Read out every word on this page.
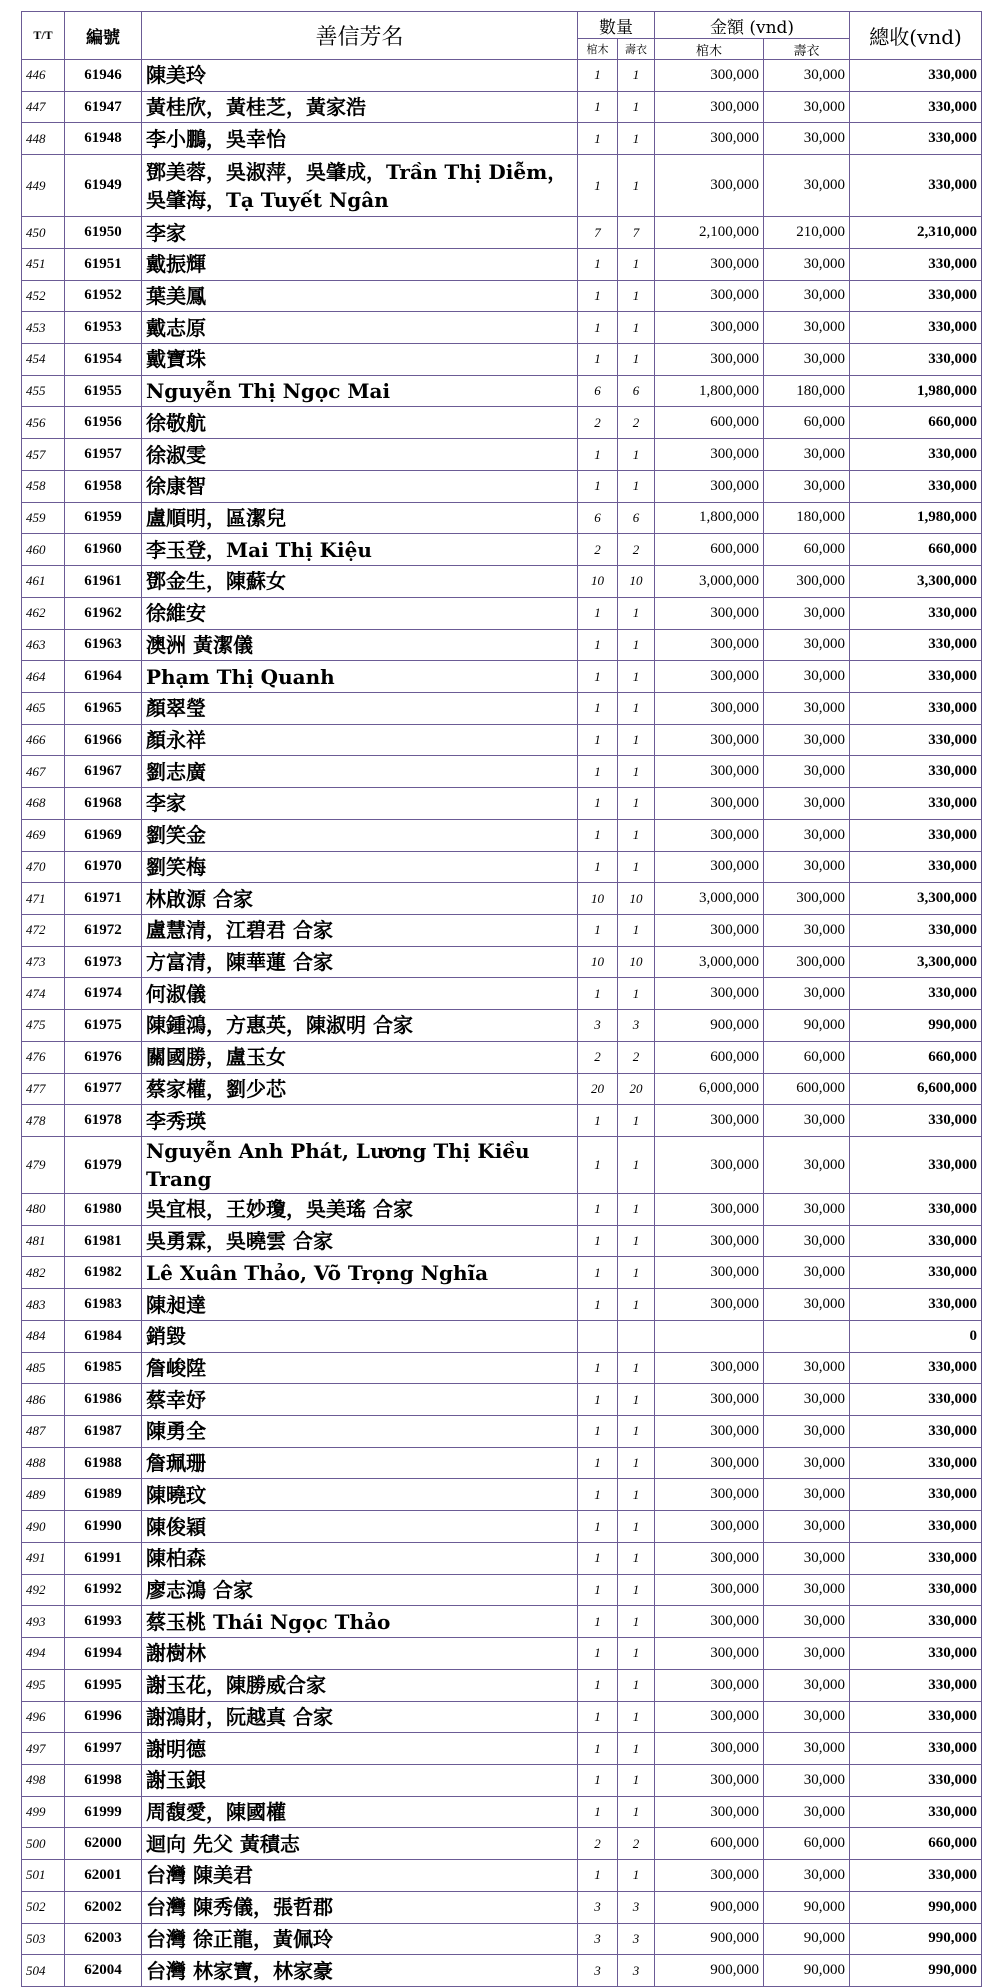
T/T	編號	善信芳名	數量		金額 (vnd)		總收(vnd)
			棺木	壽衣	棺木	壽衣	
446	61946	陳美玲	1	1	300,000	30,000	330,000
447	61947	黃桂欣，黃桂芝，黃家浩	1	1	300,000	30,000	330,000
448	61948	李小鵬，吳幸怡	1	1	300,000	30,000	330,000
449	61949	鄧美蓉，吳淑萍，吳肇成，Trần Thị Diễm，吳肇海，Tạ Tuyết Ngân	1	1	300,000	30,000	330,000
450	61950	李家	7	7	2,100,000	210,000	2,310,000
451	61951	戴振輝	1	1	300,000	30,000	330,000
452	61952	葉美鳳	1	1	300,000	30,000	330,000
453	61953	戴志原	1	1	300,000	30,000	330,000
454	61954	戴寶珠	1	1	300,000	30,000	330,000
455	61955	Nguyễn Thị Ngọc Mai	6	6	1,800,000	180,000	1,980,000
456	61956	徐敬航	2	2	600,000	60,000	660,000
457	61957	徐淑雯	1	1	300,000	30,000	330,000
458	61958	徐康智	1	1	300,000	30,000	330,000
459	61959	盧順明，區潔兒	6	6	1,800,000	180,000	1,980,000
460	61960	李玉登，Mai Thị Kiệu	2	2	600,000	60,000	660,000
461	61961	鄧金生，陳蘇女	10	10	3,000,000	300,000	3,300,000
462	61962	徐維安	1	1	300,000	30,000	330,000
463	61963	澳洲 黃潔儀	1	1	300,000	30,000	330,000
464	61964	Phạm Thị Quanh	1	1	300,000	30,000	330,000
465	61965	顏翠瑩	1	1	300,000	30,000	330,000
466	61966	顏永祥	1	1	300,000	30,000	330,000
467	61967	劉志廣	1	1	300,000	30,000	330,000
468	61968	李家	1	1	300,000	30,000	330,000
469	61969	劉笑金	1	1	300,000	30,000	330,000
470	61970	劉笑梅	1	1	300,000	30,000	330,000
471	61971	林啟源 合家	10	10	3,000,000	300,000	3,300,000
472	61972	盧慧清，江碧君 合家	1	1	300,000	30,000	330,000
473	61973	方富清，陳華蓮 合家	10	10	3,000,000	300,000	3,300,000
474	61974	何淑儀	1	1	300,000	30,000	330,000
475	61975	陳鍾鴻，方惠英，陳淑明 合家	3	3	900,000	90,000	990,000
476	61976	關國勝，盧玉女	2	2	600,000	60,000	660,000
477	61977	蔡家權，劉少芯	20	20	6,000,000	600,000	6,600,000
478	61978	李秀瑛	1	1	300,000	30,000	330,000
479	61979	Nguyễn Anh Phát, Lương Thị Kiều Trang	1	1	300,000	30,000	330,000
480	61980	吳宜根，王妙瓊，吳美瑤 合家	1	1	300,000	30,000	330,000
481	61981	吳勇霖，吳曉雲 合家	1	1	300,000	30,000	330,000
482	61982	Lê Xuân Thảo, Võ Trọng Nghĩa	1	1	300,000	30,000	330,000
483	61983	陳昶達	1	1	300,000	30,000	330,000
484	61984	銷毀					0
485	61985	詹峻陞	1	1	300,000	30,000	330,000
486	61986	蔡幸妤	1	1	300,000	30,000	330,000
487	61987	陳勇全	1	1	300,000	30,000	330,000
488	61988	詹珮珊	1	1	300,000	30,000	330,000
489	61989	陳曉玟	1	1	300,000	30,000	330,000
490	61990	陳俊穎	1	1	300,000	30,000	330,000
491	61991	陳柏森	1	1	300,000	30,000	330,000
492	61992	廖志鴻 合家	1	1	300,000	30,000	330,000
493	61993	蔡玉桃 Thái Ngọc Thảo	1	1	300,000	30,000	330,000
494	61994	謝樹林	1	1	300,000	30,000	330,000
495	61995	謝玉花，陳勝威合家	1	1	300,000	30,000	330,000
496	61996	謝鴻財，阮越真 合家	1	1	300,000	30,000	330,000
497	61997	謝明德	1	1	300,000	30,000	330,000
498	61998	謝玉銀	1	1	300,000	30,000	330,000
499	61999	周馥愛，陳國權	1	1	300,000	30,000	330,000
500	62000	迴向 先父 黃積志	2	2	600,000	60,000	660,000
501	62001	台灣 陳美君	1	1	300,000	30,000	330,000
502	62002	台灣 陳秀儀，張哲郡	3	3	900,000	90,000	990,000
503	62003	台灣 徐正龍，黃佩玲	3	3	900,000	90,000	990,000
504	62004	台灣 林家寶，林家豪	3	3	900,000	90,000	990,000
